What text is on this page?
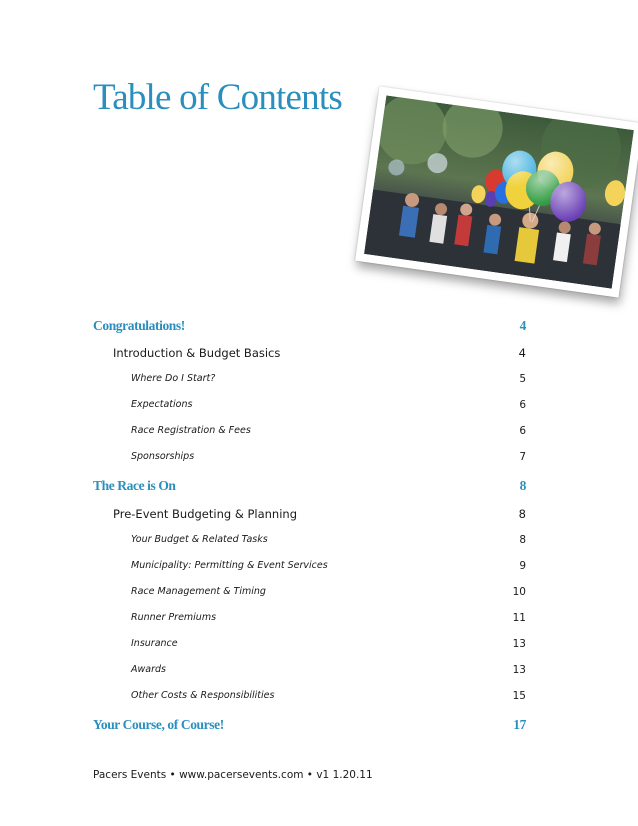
Table of Contents
Congratulations!	4
Introduction & Budget Basics	4
Where Do I Start?	5
Expectations	6
Race Registration & Fees	6
Sponsorships	7
The Race is On	8
Pre-Event Budgeting & Planning	8
Your Budget & Related Tasks	8
Municipality: Permitting & Event Services	9
Race Management & Timing	10
Runner Premiums	11
Insurance	13
Awards	13
Other Costs & Responsibilities	15
Your Course, of Course!	17
Pacers Events • www.pacersevents.com • v1 1.20.11
